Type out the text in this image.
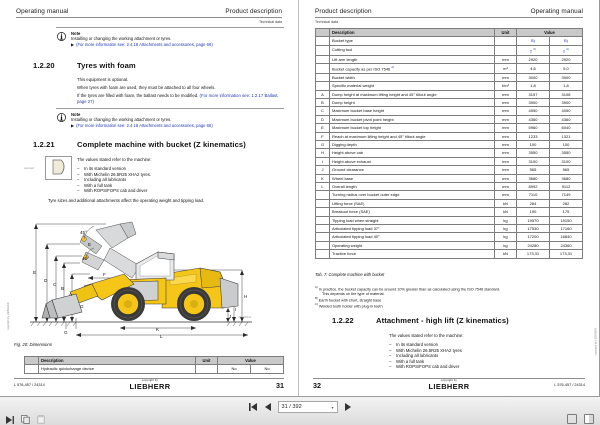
Operating manual	Product description
Technical data
Note
Installing or changing the working attachment or tyres.
▶ (For more information see: 2.4.18 Attachments and accessories, page 66)
1.2.20	Tyres with foam
This equipment is optional.
When tyres with foam are used, they must be attached to all four wheels.
If the tyres are filled with foam, the ballast needs to be modified. (For more information see: 1.2.17 Ballast, page 27)
Note
Installing or changing the working attachment or tyres.
▶ (For more information see: 2.4.18 Attachments and accessories, page 66)
1.2.21	Complete machine with bucket (Z kinematics)
standard
The values stated refer to the machine:
– In its standard version
– With Michelin 26.5R25 XHA2 tyres.
– Including all lubricants
– With a full tank
– With ROPS/FOPS cab and driver
Tyre sizes and additional attachments affect the operating weight and tipping load.
E
D
C
B
A
F
K
L
H
I
J
G
G
E
45°
45°
LWL/20012
Fig. 20: Dimensions
copyright by LIEBHERR
	Description	Unit	Value	
	Hydraulic quickchange device		No	No
L 576-457 / 24314
copyright by
LIEBHERR	31
Product description	Operating manual
Technical data
	Description	Unit	Value	
	Bucket type		B)	B)
	Cutting tool		2 $^{C)}$	2 $^{C)}$
	Lift arm length	mm	2920	2920
	Bucket capacity as per ISO 7546 $^{A)}$	m³	4,6	5,0
	Bucket width	mm	3000	3000
	Specific material weight	t/m³	1,8	1,8
A	Dump height at maximum lifting height and 45° tiltout angle	mm	3157	3108
B	Dump height	mm	3900	3900
C	Maximum bucket base height	mm	4050	4050
D	Maximum bucket pivot point height	mm	4360	4360
E	Maximum bucket top height	mm	5960	6040
F	Reach at maximum lifting height and 45° tiltout angle	mm	1233	1321
G	Digging depth	mm	100	100
H	Height above cab	mm	3550	3550
I	Height above exhaust	mm	3100	3100
J	Ground clearance	mm	565	565
K	Wheel base	mm	3680	3680
L	Overall length	mm	8992	9112
	Turning radius over bucket outer edge	mm	7110	7149
	Lifting force (SAE)	kN	284	282
	Breakout force (SAE)	kN	190	175
	Tipping load when straight	kg	19570	19150
	Articulated tipping load 37°	kg	17530	17160
	Articulated tipping load 40°	kg	17200	16840
	Operating weight	kg	24280	24360
	Tractive force	kN	173,31	173,31
Tab. 7: Complete machine with bucket
$^{A)}$ In practice, the bucket capacity can be around 10% greater than as calculated using the ISO 7546 standard.
This depends on the type of material.
$^{B)}$ Earth bucket with short, straight base
$^{C)}$ Welded tooth holder with plug-in teeth
1.2.22	Attachment - high lift (Z kinematics)
The values stated refer to the machine:
– In its standard version
– With Michelin 26.5R25 XHA2 tyres
– Including all lubricants
– With a full tank
– With ROPS/FOPS cab and driver
copyright by LIEBHERR
32
copyright by
LIEBHERR	L 576-457 / 24314
31 / 392	▾
